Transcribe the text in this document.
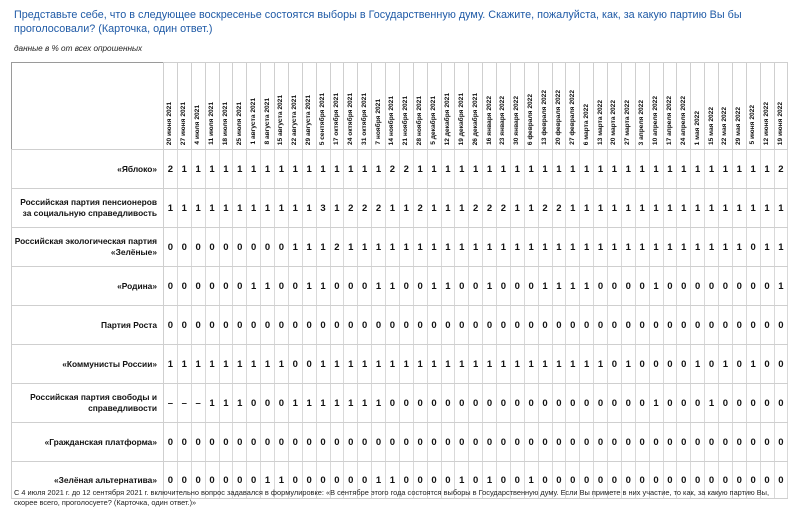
Представьте себе, что в следующее воскресенье состоятся выборы в Государственную думу. Скажите, пожалуйста, как, за какую партию Вы бы проголосовали? (Карточка, один ответ.)
данные в % от всех опрошенных

	20 июня 2021	27 июня 2021	4 июля 2021	11 июля 2021	18 июля 2021	25 июля 2021	1 августа 2021	8 августа 2021	15 августа 2021	22 августа 2021	29 августа 2021	5 сентября 2021	17 октября 2021	24 октября 2021	31 октября 2021	7 ноября 2021	14 ноября 2021	21 ноября 2021	28 ноября 2021	5 декабря 2021	12 декабря 2021	19 декабря 2021	26 декабря 2021	16 января 2022	23 января 2022	30 января 2022	6 февраля 2022	13 февраля 2022	20 февраля 2022	27 февраля 2022	6 марта 2022	13 марта 2022	20 марта 2022	27 марта 2022	3 апреля 2022	10 апреля 2022	17 апреля 2022	24 апреля 2022	1 мая 2022	15 мая 2022	22 мая 2022	29 мая 2022	5 июня 2022	12 июня 2022	19 июня 2022

«Яблоко»	2	1	1	1	1	1	1	1	1	1	1	1	1	1	1	1	2	2	1	1	1	1	1	1	1	1	1	1	1	1	1	1	1	1	1	1	1	1	1	1	1	1	1	1	2
Российская партия пенсионеров за социальную справедливость	1	1	1	1	1	1	1	1	1	1	1	3	1	2	2	2	1	1	2	1	1	1	2	2	2	1	1	2	2	1	1	1	1	1	1	1	1	1	1	1	1	1	1	1	1
Российская экологическая партия «Зелёные»	0	0	0	0	0	0	0	0	0	1	1	1	2	1	1	1	1	1	1	1	1	1	1	1	1	1	1	1	1	1	1	1	1	1	1	1	1	1	1	1	1	1	0	1	1
«Родина»	0	0	0	0	0	0	1	1	0	0	1	1	0	0	0	1	1	0	0	1	1	0	0	1	0	0	0	1	1	1	1	0	0	0	0	1	0	0	0	0	0	0	0	0	1
Партия Роста	0	0	0	0	0	0	0	0	0	0	0	0	0	0	0	0	0	0	0	0	0	0	0	0	0	0	0	0	0	0	0	0	0	0	0	0	0	0	0	0	0	0	0	0	0
«Коммунисты России»	1	1	1	1	1	1	1	1	1	0	0	1	1	1	1	1	1	1	1	1	1	1	1	1	1	1	1	1	1	1	1	1	0	1	0	0	0	0	1	0	1	0	1	0	0
Российская партия свободы и справедливости	–	–	–	1	1	1	0	0	0	1	1	1	1	1	1	1	0	0	0	0	0	0	0	0	0	0	0	0	0	0	0	0	0	0	0	1	0	0	0	1	0	0	0	0	0
«Гражданская платформа»	0	0	0	0	0	0	0	0	0	0	0	0	0	0	0	0	0	0	0	0	0	0	0	0	0	0	0	0	0	0	0	0	0	0	0	0	0	0	0	0	0	0	0	0	0
«Зелёная альтернатива»	0	0	0	0	0	0	0	1	1	0	0	0	0	0	0	1	1	0	0	0	0	1	0	1	0	0	1	0	0	0	0	0	0	0	0	0	0	0	0	0	0	0	0	0	0
С 4 июля 2021 г. до 12 сентября 2021 г. включительно вопрос задавался в формулировке: «В сентябре этого года состоятся выборы в Государственную думу. Если Вы примете в них участие, то как, за какую партию Вы, скорее всего, проголосуете? (Карточка, один ответ.)»
